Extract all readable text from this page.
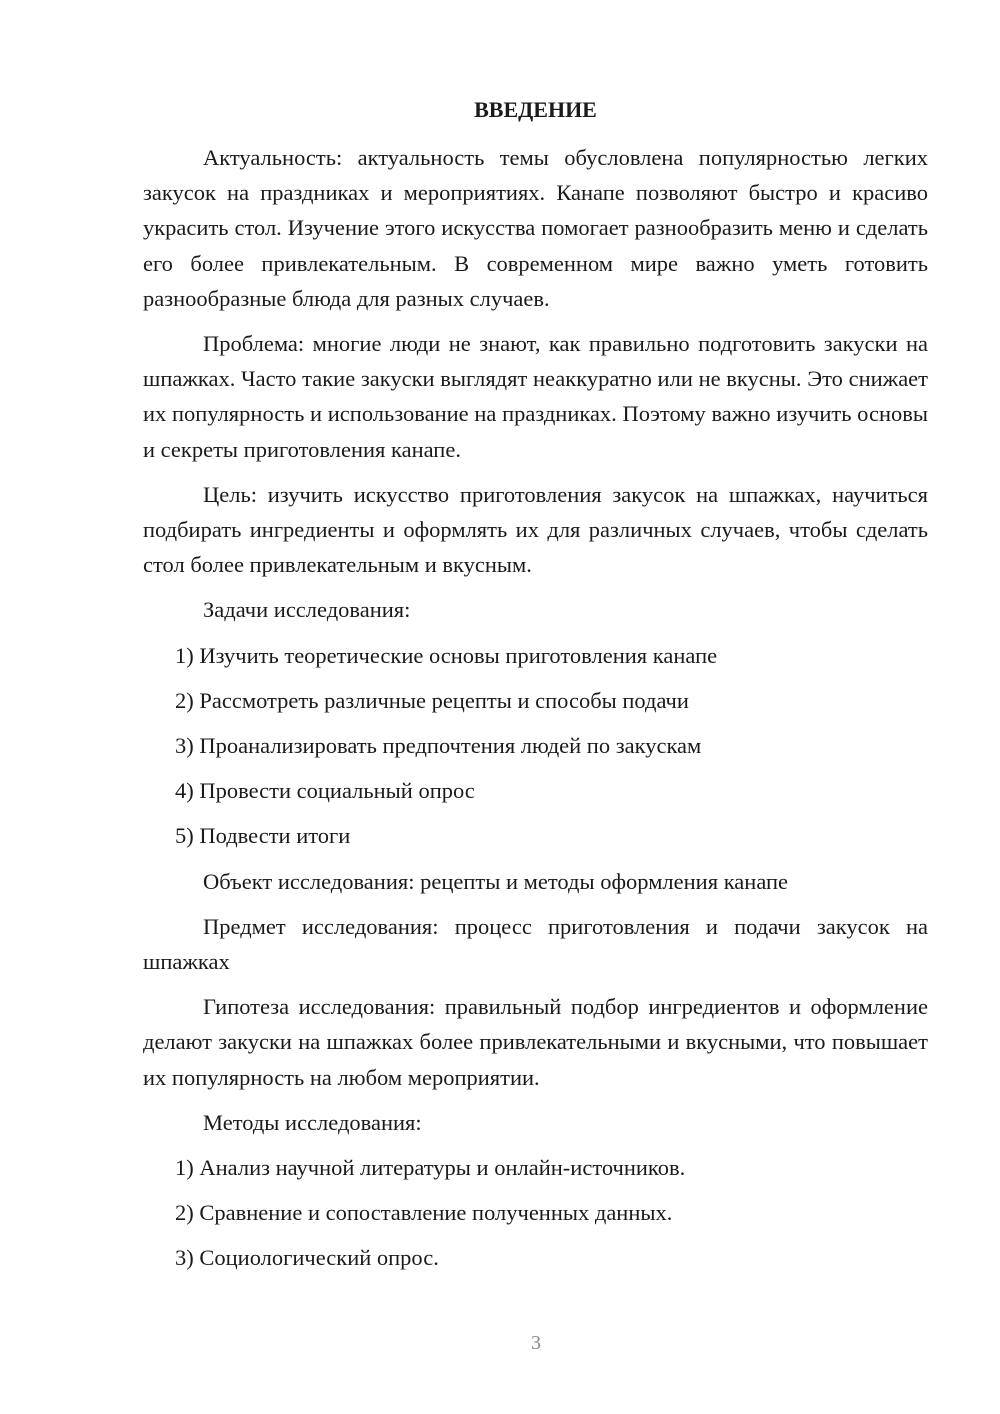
ВВЕДЕНИЕ

Актуальность: актуальность темы обусловлена популярностью легких закусок на праздниках и мероприятиях. Канапе позволяют быстро и красиво украсить стол. Изучение этого искусства помогает разнообразить меню и сделать его более привлекательным. В современном мире важно уметь готовить разнообразные блюда для разных случаев.

Проблема: многие люди не знают, как правильно подготовить закуски на шпажках. Часто такие закуски выглядят неаккуратно или не вкусны. Это снижает их популярность и использование на праздниках. Поэтому важно изучить основы и секреты приготовления канапе.

Цель: изучить искусство приготовления закусок на шпажках, научиться подбирать ингредиенты и оформлять их для различных случаев, чтобы сделать стол более привлекательным и вкусным.

Задачи исследования:

1) Изучить теоретические основы приготовления канапе
2) Рассмотреть различные рецепты и способы подачи
3) Проанализировать предпочтения людей по закускам
4) Провести социальный опрос
5) Подвести итоги

Объект исследования: рецепты и методы оформления канапе

Предмет исследования: процесс приготовления и подачи закусок на шпажках

Гипотеза исследования: правильный подбор ингредиентов и оформление делают закуски на шпажках более привлекательными и вкусными, что повышает их популярность на любом мероприятии.

Методы исследования:

1) Анализ научной литературы и онлайн-источников.
2) Сравнение и сопоставление полученных данных.
3) Социологический опрос.
3
